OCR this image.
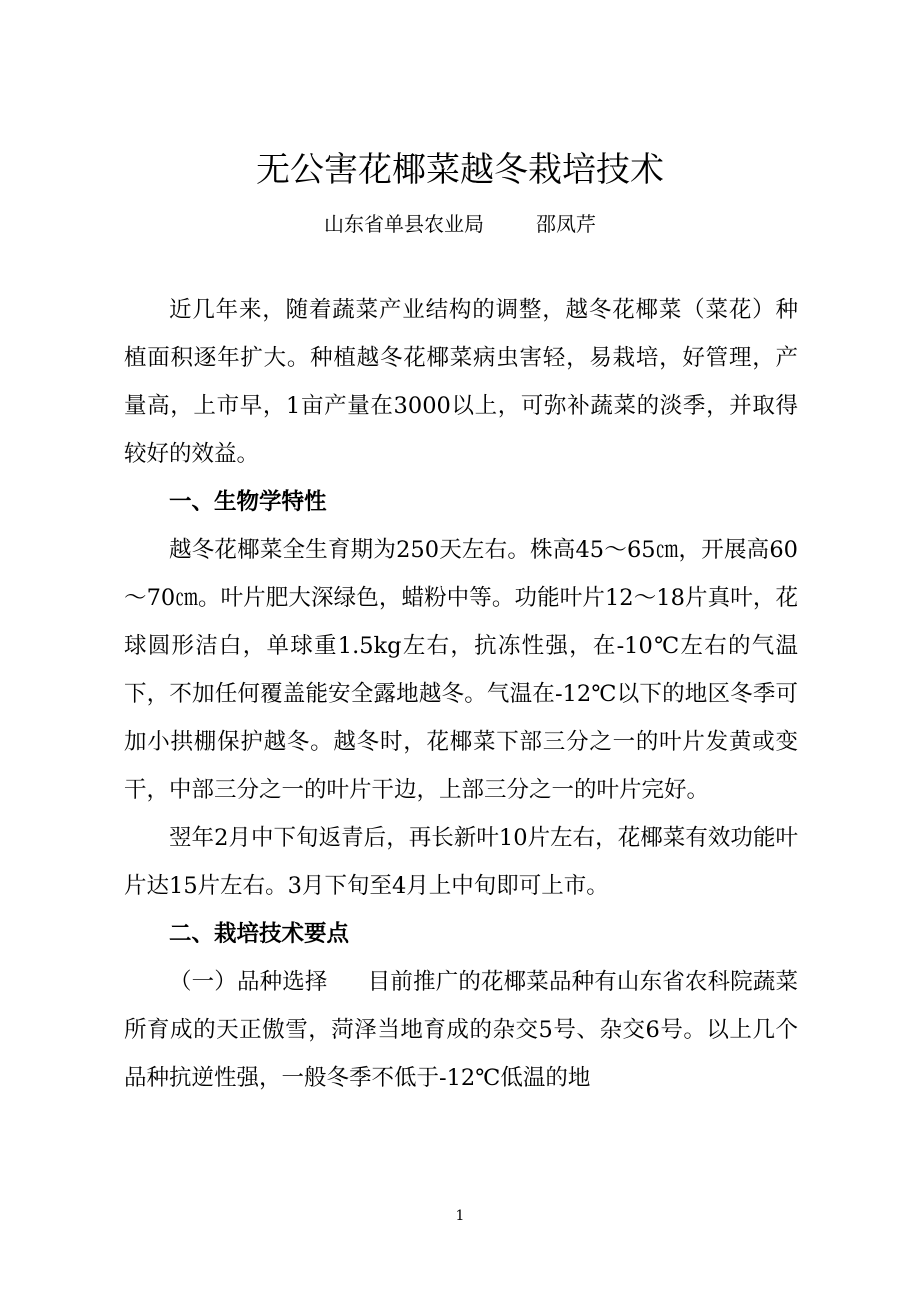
无公害花椰菜越冬栽培技术
山东省单县农业局	邵凤芹

近几年来，随着蔬菜产业结构的调整，越冬花椰菜（菜花）种植面积逐年扩大。种植越冬花椰菜病虫害轻，易栽培，好管理，产量高，上市早，1亩产量在3000以上，可弥补蔬菜的淡季，并取得较好的效益。

一、生物学特性

越冬花椰菜全生育期为250天左右。株高45～65㎝，开展高60～70㎝。叶片肥大深绿色，蜡粉中等。功能叶片12～18片真叶，花球圆形洁白，单球重1.5kg左右，抗冻性强，在-10℃左右的气温下，不加任何覆盖能安全露地越冬。气温在-12℃以下的地区冬季可加小拱棚保护越冬。越冬时，花椰菜下部三分之一的叶片发黄或变干，中部三分之一的叶片干边，上部三分之一的叶片完好。

翌年2月中下旬返青后，再长新叶10片左右，花椰菜有效功能叶片达15片左右。3月下旬至4月上中旬即可上市。

二、栽培技术要点

（一）品种选择 目前推广的花椰菜品种有山东省农科院蔬菜所育成的天正傲雪，菏泽当地育成的杂交5号、杂交6号。以上几个品种抗逆性强，一般冬季不低于-12℃低温的地

1
